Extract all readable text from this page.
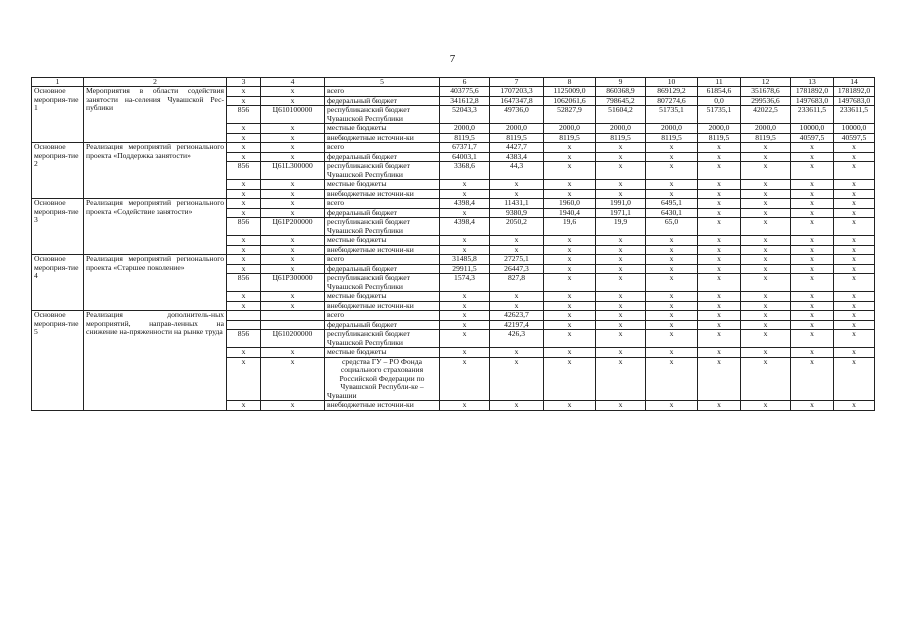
7
1	2	3	4	5	6	7	8	9	10	11	12	13	14
Основное мероприя-тие 1	Мероприятия в области содействия занятости на-селения Чувашской Рес-публики	х	х	всего	403775,6	1707203,3	1125009,0	860368,9	869129,2	61854,6	351678,6	1781892,0	1781892,0
		х	х	федеральный бюджет	341612,8	1647347,8	1062061,6	798645,2	807274,6	0,0	299536,6	1497683,0	1497683,0
		856	Ц610100000	республиканский бюджет Чувашской Республики	52043,3	49736,0	52827,9	51604,2	51735,1	51735,1	42022,5	233611,5	233611,5
		х	х	местные бюджеты	2000,0	2000,0	2000,0	2000,0	2000,0	2000,0	2000,0	10000,0	10000,0
		х	х	внебюджетные источни-ки	8119,5	8119,5	8119,5	8119,5	8119,5	8119,5	8119,5	40597,5	40597,5
Основное мероприя-тие 2	Реализация мероприятий регионального проекта «Поддержка занятости»	х	х	всего	67371,7	4427,7	х	х	х	х	х	х	х
		х	х	федеральный бюджет	64003,1	4383,4	х	х	х	х	х	х	х
		856	Ц61L300000	республиканский бюджет Чувашской Республики	3368,6	44,3	х	х	х	х	х	х	х
		х	х	местные бюджеты	х	х	х	х	х	х	х	х	х
		х	х	внебюджетные источни-ки	х	х	х	х	х	х	х	х	х
Основное мероприя-тие 3	Реализация мероприятий регионального проекта «Содействие занятости»	х	х	всего	4398,4	11431,1	1960,0	1991,0	6495,1	х	х	х	х
		х	х	федеральный бюджет	х	9380,9	1940,4	1971,1	6430,1	х	х	х	х
		856	Ц61Р200000	республиканский бюджет Чувашской Республики	4398,4	2050,2	19,6	19,9	65,0	х	х	х	х
		х	х	местные бюджеты	х	х	х	х	х	х	х	х	х
		х	х	внебюджетные источни-ки	х	х	х	х	х	х	х	х	х
Основное мероприя-тие 4	Реализация мероприятий регионального проекта «Старшее поколение»	х	х	всего	31485,8	27275,1	х	х	х	х	х	х	х
		х	х	федеральный бюджет	29911,5	26447,3	х	х	х	х	х	х	х
		856	Ц61Р300000	республиканский бюджет Чувашской Республики	1574,3	827,8	х	х	х	х	х	х	х
		х	х	местные бюджеты	х	х	х	х	х	х	х	х	х
		х	х	внебюджетные источни-ки	х	х	х	х	х	х	х	х	х
Основное мероприя-тие 5	Реализация дополнитель-ных мероприятий, направ-ленных на снижение на-пряженности на рынке труда			всего	х	42623,7	х	х	х	х	х	х	х
				федеральный бюджет	х	42197,4	х	х	х	х	х	х	х
		856	Ц610200000	республиканский бюджет Чувашской Республики	х	426,3	х	х	х	х	х	х	х
		х	х	местные бюджеты	х	х	х	х	х	х	х	х	х
		х	х	средства ГУ – РО Фонда социального страхования Российской Федерации по Чувашской Республи-ке – Чувашии	х	х	х	х	х	х	х	х	х
		х	х	внебюджетные источни-ки	х	х	х	х	х	х	х	х	х
